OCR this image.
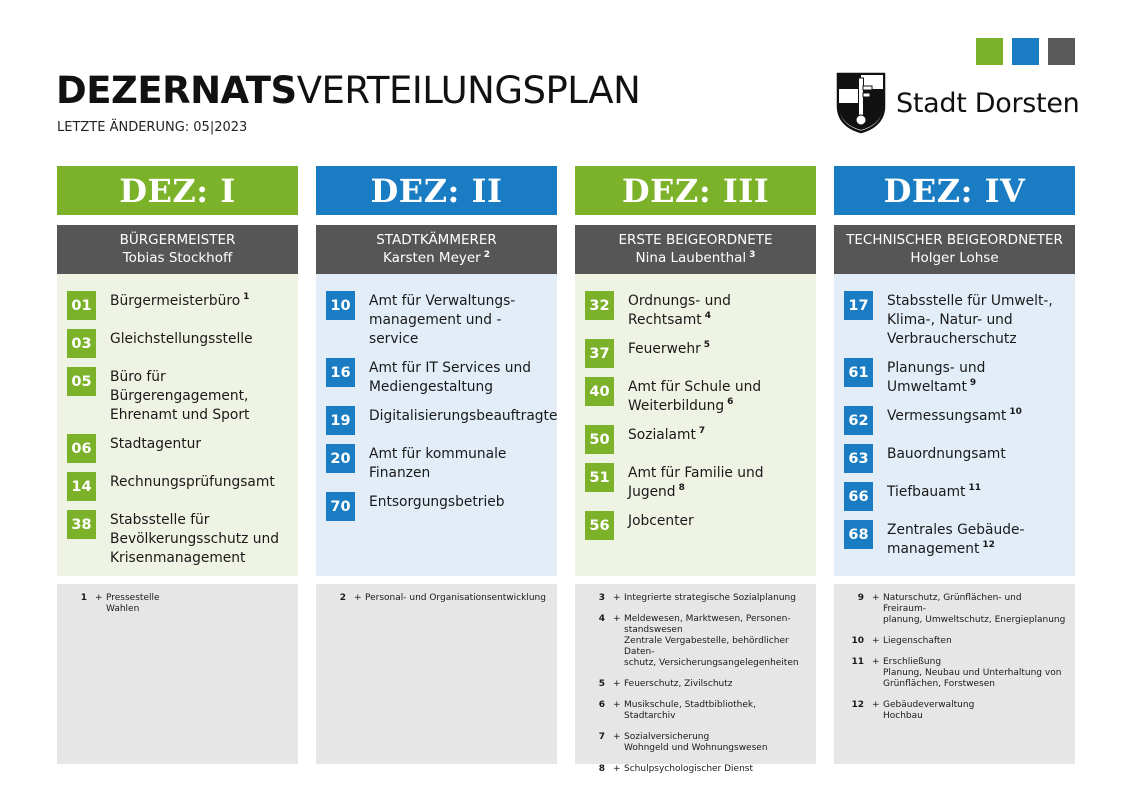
DEZERNATSVERTEILUNGSPLAN
LETZTE ÄNDERUNG: 05|2023
Stadt Dorsten
DEZ: I
BÜRGERMEISTER
Tobias Stockhoff
01	Bürgermeisterbüro $^1$
03	Gleichstellungsstelle
05	Büro für Bürgerengagement,
Ehrenamt und Sport
06	Stadtagentur
14	Rechnungsprüfungsamt
38	Stabsstelle für
Bevölkerungsschutz und
Krisenmanagement
1 + Pressestelle
Wahlen
DEZ: II
STADTKÄMMERER
Karsten Meyer $^2$
10	Amt für Verwaltungs-
management und -service
16	Amt für IT Services und
Mediengestaltung
19	Digitalisierungsbeauftragte
20	Amt für kommunale
Finanzen
70	Entsorgungsbetrieb
2 + Personal- und Organisationsentwicklung
DEZ: III
ERSTE BEIGEORDNETE
Nina Laubenthal $^3$
32	Ordnungs- und Rechtsamt $^4$
37	Feuerwehr $^5$
40	Amt für Schule und
Weiterbildung $^6$
50	Sozialamt $^7$
51	Amt für Familie und
Jugend $^8$
56	Jobcenter
3 + Integrierte strategische Sozialplanung
4 + Meldewesen, Marktwesen, Personen-
standswesen
Zentrale Vergabestelle, behördlicher Daten-
schutz, Versicherungsangelegenheiten
5 + Feuerschutz, Zivilschutz
6 + Musikschule, Stadtbibliothek, Stadtarchiv
7 + Sozialversicherung
Wohngeld und Wohnungswesen
8 + Schulpsychologischer Dienst
DEZ: IV
TECHNISCHER BEIGEORDNETER
Holger Lohse
17	Stabsstelle für Umwelt-,
Klima-, Natur- und
Verbraucherschutz
61	Planungs- und Umweltamt $^9$
62	Vermessungsamt $^{10}$
63	Bauordnungsamt
66	Tiefbauamt $^{11}$
68	Zentrales Gebäude-
management $^{12}$
9 + Naturschutz, Grünflächen- und Freiraum-
planung, Umweltschutz, Energieplanung
10 + Liegenschaften
11 + Erschließung
Planung, Neubau und Unterhaltung von
Grünflächen, Forstwesen
12 + Gebäudeverwaltung
Hochbau
